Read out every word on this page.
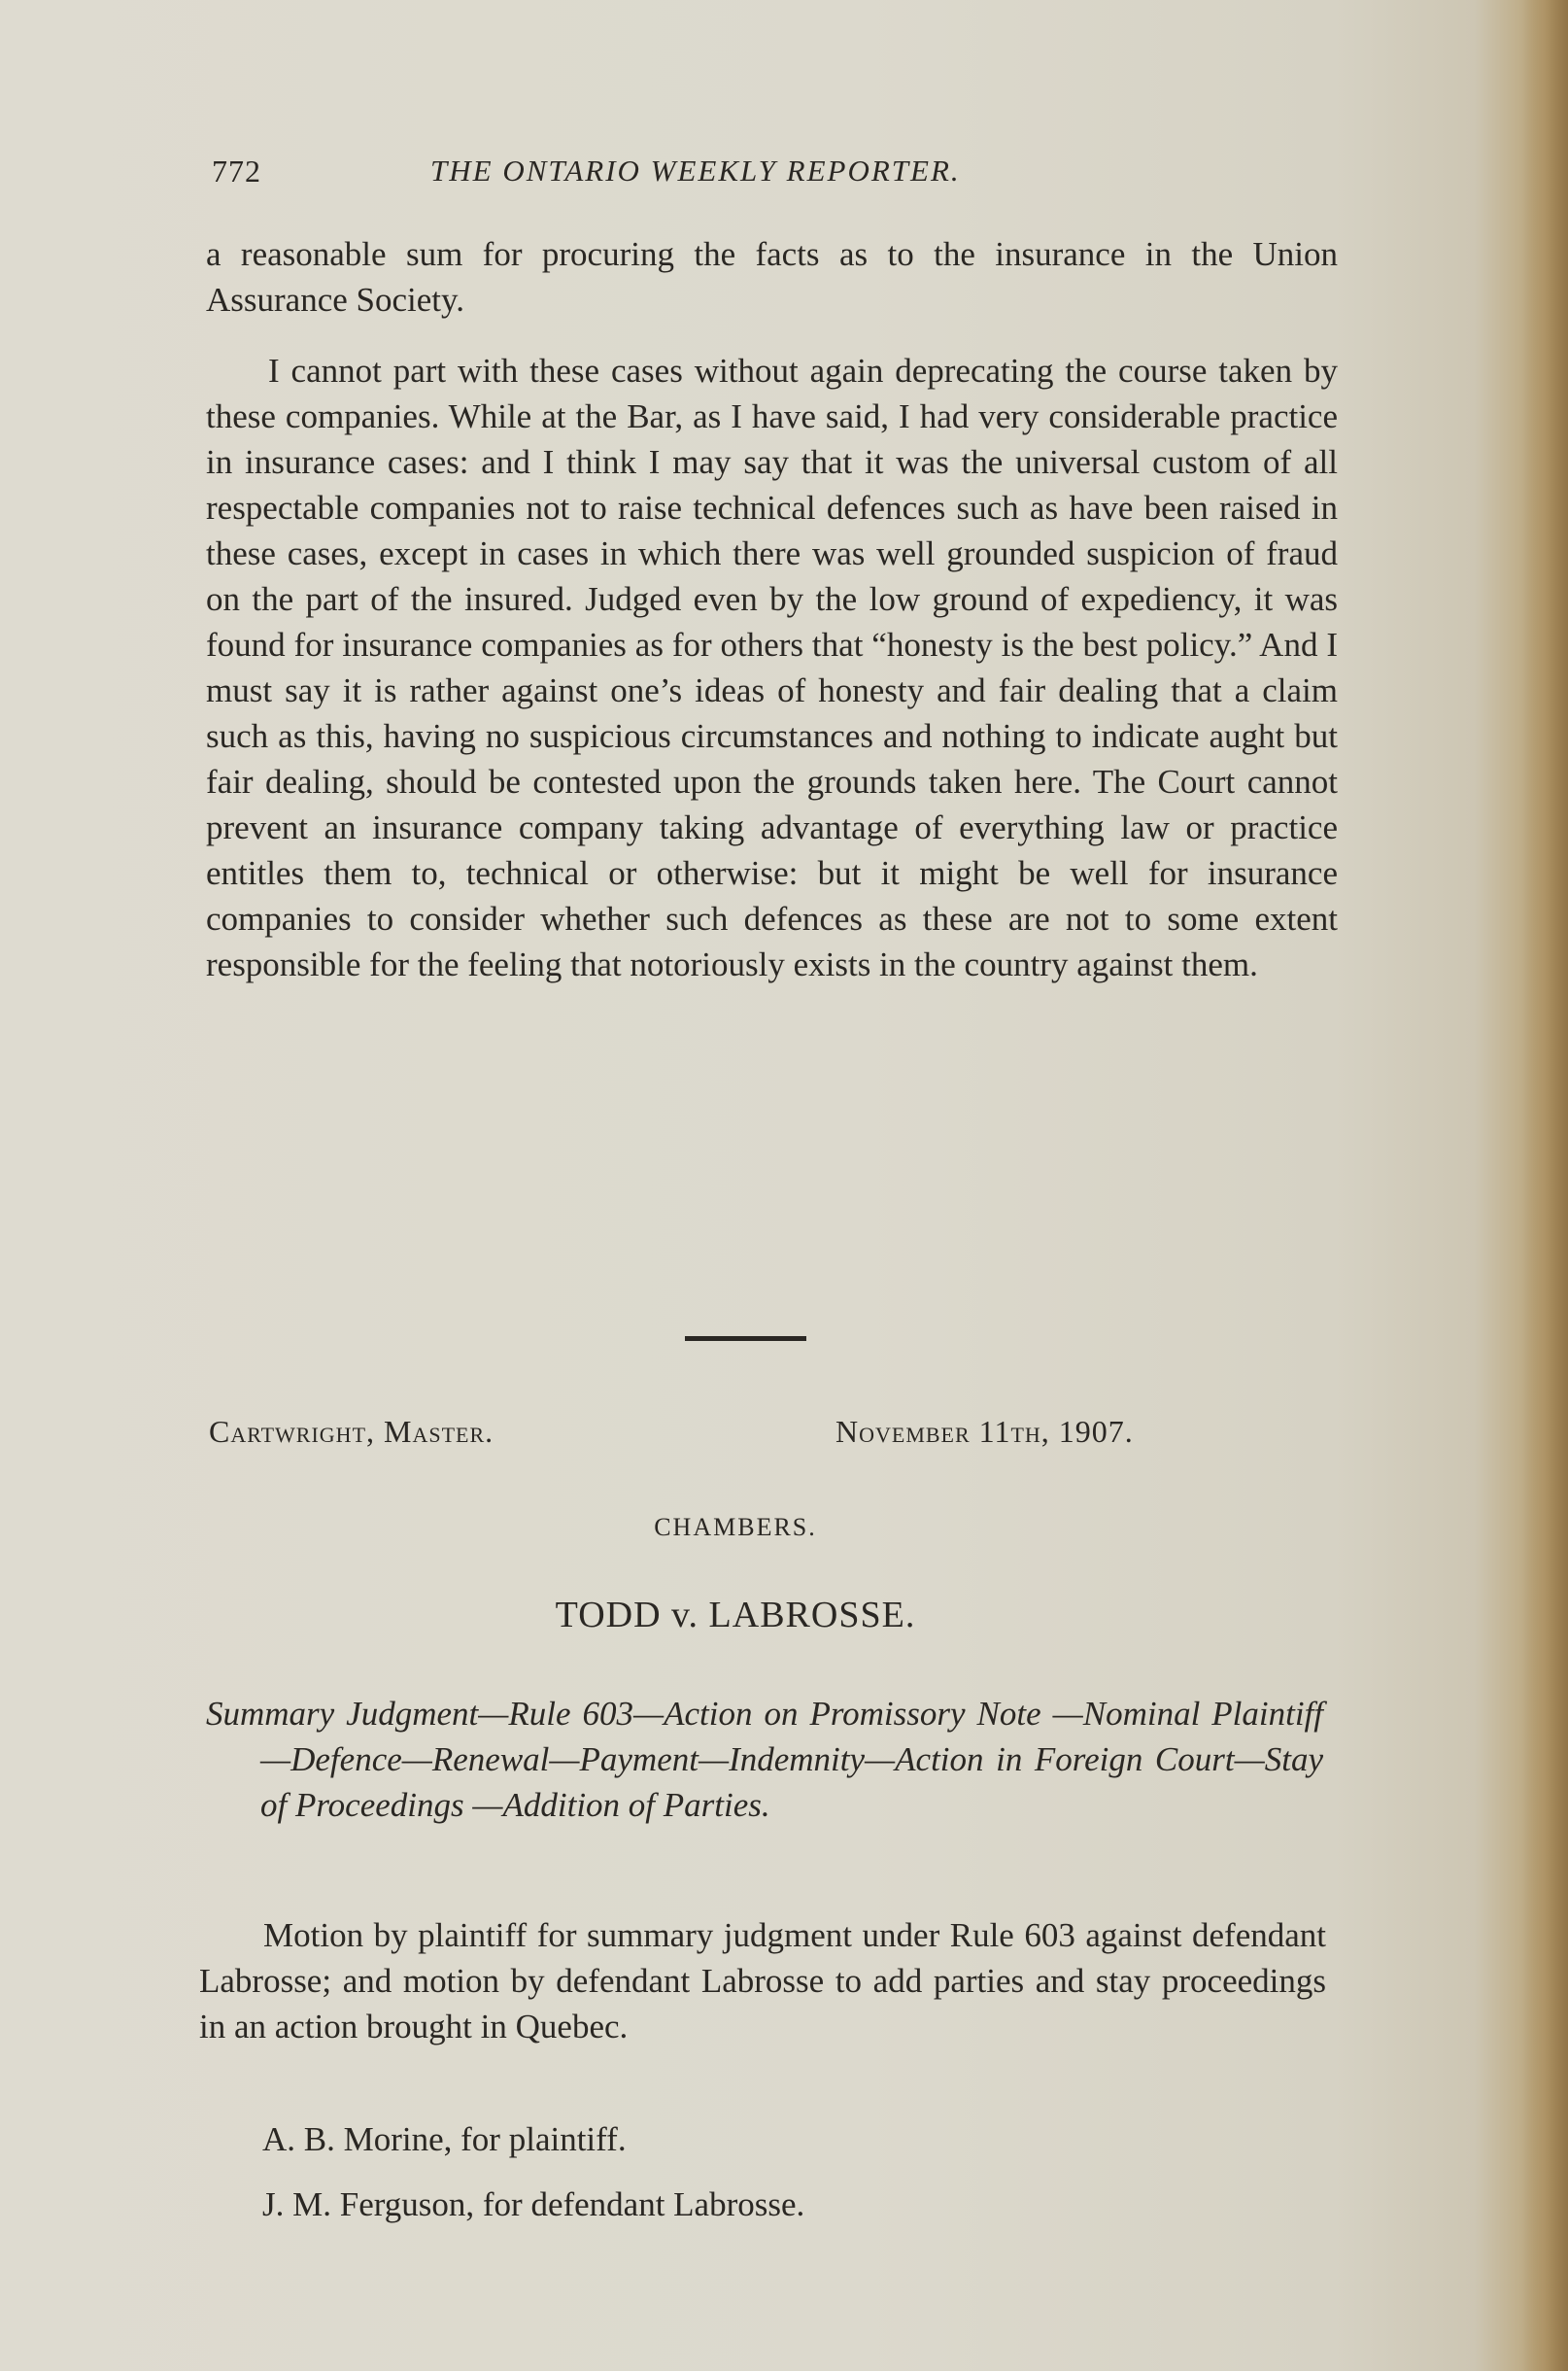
772	THE ONTARIO WEEKLY REPORTER.

a reasonable sum for procuring the facts as to the insurance in the Union Assurance Society.

I cannot part with these cases without again deprecating the course taken by these companies. While at the Bar, as I have said, I had very considerable practice in insurance cases: and I think I may say that it was the universal custom of all respectable companies not to raise technical defences such as have been raised in these cases, except in cases in which there was well grounded suspicion of fraud on the part of the insured. Judged even by the low ground of expediency, it was found for insurance companies as for others that “honesty is the best policy.” And I must say it is rather against one’s ideas of honesty and fair dealing that a claim such as this, having no suspicious circumstances and nothing to indicate aught but fair dealing, should be contested upon the grounds taken here. The Court cannot prevent an insurance company taking advantage of everything law or practice entitles them to, technical or otherwise: but it might be well for insurance companies to consider whether such defences as these are not to some extent responsible for the feeling that notoriously exists in the country against them.

Cartwright, Master.	November 11th, 1907.
CHAMBERS.
TODD v. LABROSSE.
Summary Judgment—Rule 603—Action on Promissory Note —Nominal Plaintiff—Defence—Renewal—Payment—Indemnity—Action in Foreign Court—Stay of Proceedings —Addition of Parties.
Motion by plaintiff for summary judgment under Rule 603 against defendant Labrosse; and motion by defendant Labrosse to add parties and stay proceedings in an action brought in Quebec.
A. B. Morine, for plaintiff.
J. M. Ferguson, for defendant Labrosse.
